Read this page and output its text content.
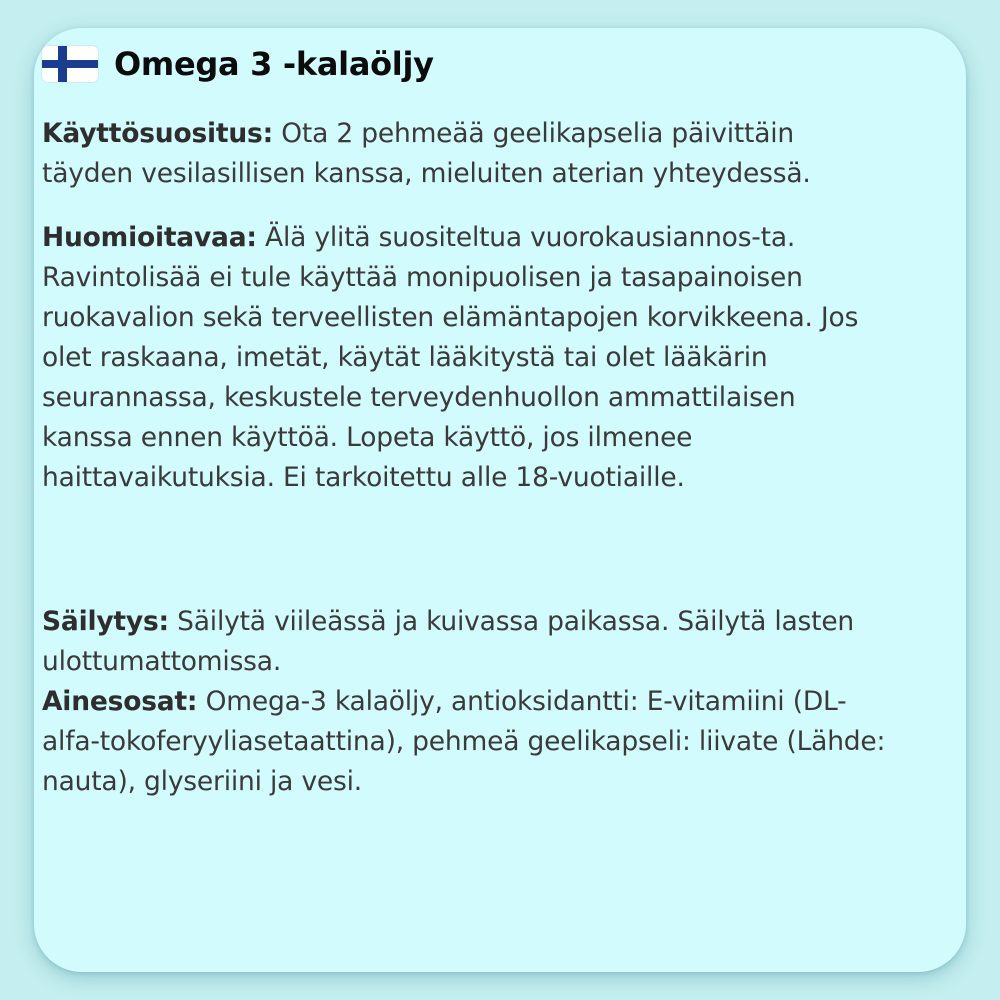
Omega 3 -kalaöljy

Käyttösuositus: Ota 2 pehmeää geelikapselia päivittäin täyden vesilasillisen kanssa, mieluiten aterian yhteydessä.

Huomioitavaa: Älä ylitä suositeltua vuorokausiannos-ta. Ravintolisää ei tule käyttää monipuolisen ja tasapainoisen ruokavalion sekä terveellisten elämäntapojen korvikkeena. Jos olet raskaana, imetät, käytät lääkitystä tai olet lääkärin seurannassa, keskustele terveydenhuollon ammattilaisen kanssa ennen käyttöä. Lopeta käyttö, jos ilmenee haittavaikutuksia. Ei tarkoitettu alle 18-vuotiaille.

Säilytys: Säilytä viileässä ja kuivassa paikassa. Säilytä lasten ulottumattomissa.

Ainesosat: Omega-3 kalaöljy, antioksidantti: E-vitamiini (DL-alfa-tokoferyyliasetaattina), pehmeä geelikapseli: liivate (Lähde: nauta), glyseriini ja vesi.
